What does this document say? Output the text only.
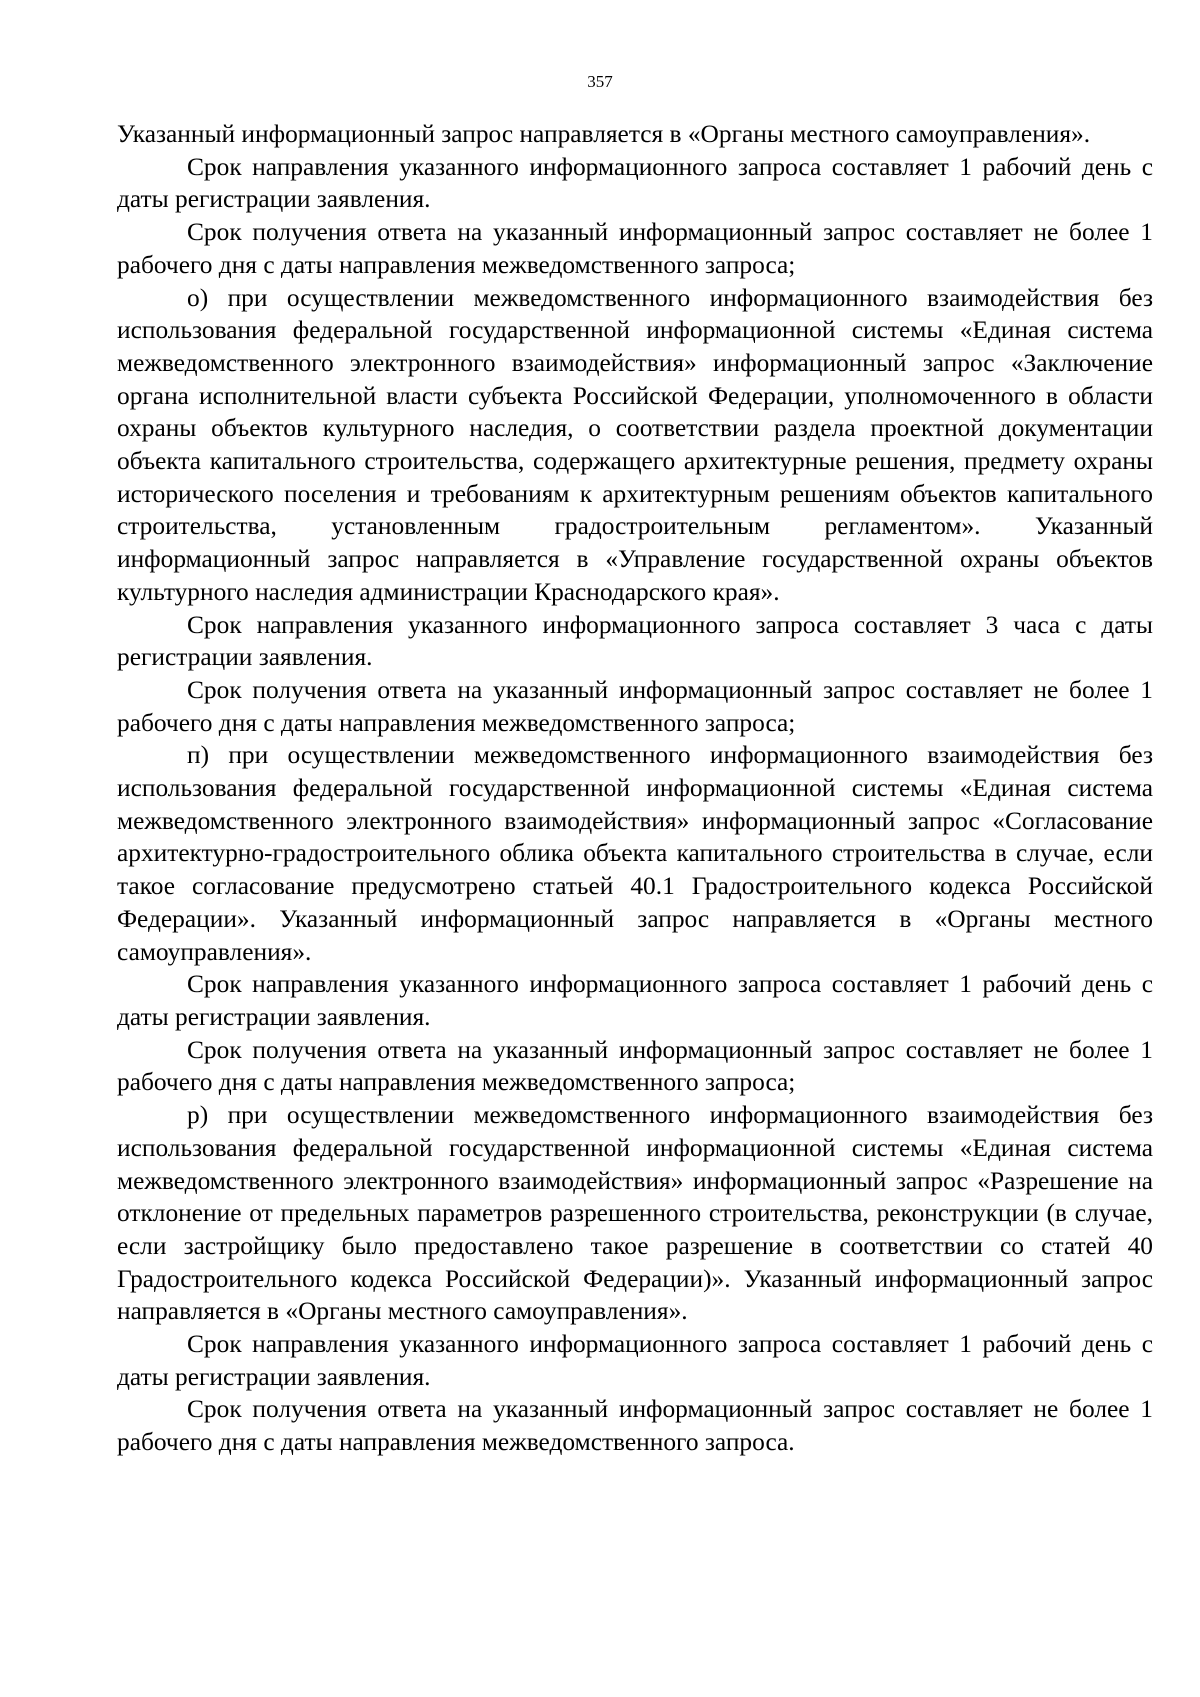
357

Указанный информационный запрос направляется в «Органы местного самоуправления».

Срок направления указанного информационного запроса составляет 1 рабочий день с даты регистрации заявления.

Срок получения ответа на указанный информационный запрос составляет не более 1 рабочего дня с даты направления межведомственного запроса;

о) при осуществлении межведомственного информационного взаимодействия без использования федеральной государственной информационной системы «Единая система межведомственного электронного взаимодействия» информационный запрос «Заключение органа исполнительной власти субъекта Российской Федерации, уполномоченного в области охраны объектов культурного наследия, о соответствии раздела проектной документации объекта капитального строительства, содержащего архитектурные решения, предмету охраны исторического поселения и требованиям к архитектурным решениям объектов капитального строительства, установленным градостроительным регламентом». Указанный информационный запрос направляется в «Управление государственной охраны объектов культурного наследия администрации Краснодарского края».

Срок направления указанного информационного запроса составляет 3 часа с даты регистрации заявления.

Срок получения ответа на указанный информационный запрос составляет не более 1 рабочего дня с даты направления межведомственного запроса;

п) при осуществлении межведомственного информационного взаимодействия без использования федеральной государственной информационной системы «Единая система межведомственного электронного взаимодействия» информационный запрос «Согласование архитектурно-градостроительного облика объекта капитального строительства в случае, если такое согласование предусмотрено статьей 40.1 Градостроительного кодекса Российской Федерации». Указанный информационный запрос направляется в «Органы местного самоуправления».

Срок направления указанного информационного запроса составляет 1 рабочий день с даты регистрации заявления.

Срок получения ответа на указанный информационный запрос составляет не более 1 рабочего дня с даты направления межведомственного запроса;

р) при осуществлении межведомственного информационного взаимодействия без использования федеральной государственной информационной системы «Единая система межведомственного электронного взаимодействия» информационный запрос «Разрешение на отклонение от предельных параметров разрешенного строительства, реконструкции (в случае, если застройщику было предоставлено такое разрешение в соответствии со статей 40 Градостроительного кодекса Российской Федерации)». Указанный информационный запрос направляется в «Органы местного самоуправления».

Срок направления указанного информационного запроса составляет 1 рабочий день с даты регистрации заявления.

Срок получения ответа на указанный информационный запрос составляет не более 1 рабочего дня с даты направления межведомственного запроса.
